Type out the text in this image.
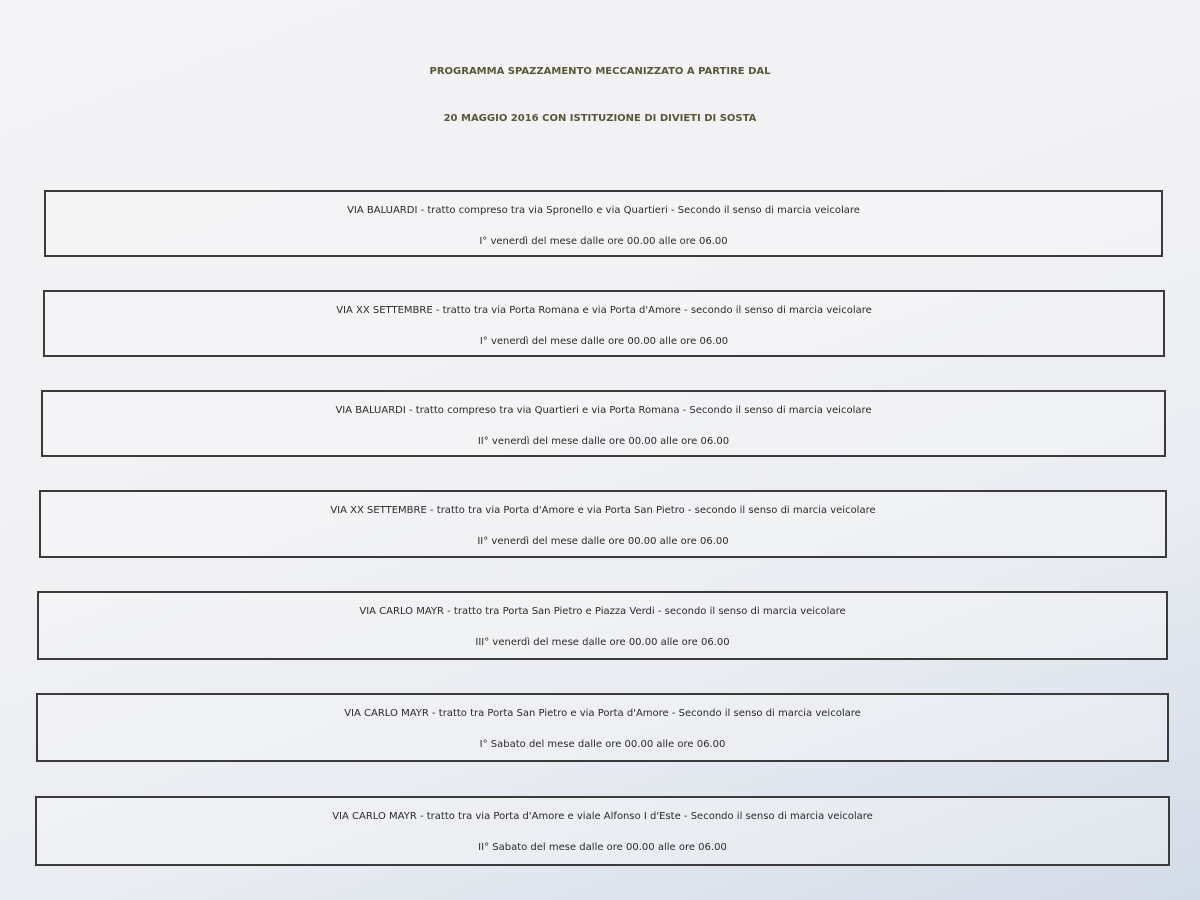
PROGRAMMA SPAZZAMENTO MECCANIZZATO A PARTIRE DAL
20 MAGGIO 2016 CON ISTITUZIONE DI DIVIETI DI SOSTA
VIA BALUARDI - tratto compreso tra via Spronello e via Quartieri - Secondo il senso di marcia veicolare
I° venerdì del mese dalle ore 00.00 alle ore 06.00
VIA XX SETTEMBRE - tratto tra via Porta Romana e via Porta d'Amore - secondo il senso di marcia veicolare
I° venerdì del mese dalle ore 00.00 alle ore 06.00
VIA BALUARDI - tratto compreso tra via Quartieri e via Porta Romana - Secondo il senso di marcia veicolare
II° venerdì del mese dalle ore 00.00 alle ore 06.00
VIA XX SETTEMBRE - tratto tra via Porta d'Amore e via Porta San Pietro - secondo il senso di marcia veicolare
II° venerdì del mese dalle ore 00.00 alle ore 06.00
VIA CARLO MAYR - tratto tra Porta San Pietro e Piazza Verdi - secondo il senso di marcia veicolare
III° venerdì del mese dalle ore 00.00 alle ore 06.00
VIA CARLO MAYR - tratto tra Porta San Pietro e via Porta d'Amore - Secondo il senso di marcia veicolare
I° Sabato del mese dalle ore 00.00 alle ore 06.00
VIA CARLO MAYR - tratto tra via Porta d'Amore e viale Alfonso I d'Este - Secondo il senso di marcia veicolare
II° Sabato del mese dalle ore 00.00 alle ore 06.00
